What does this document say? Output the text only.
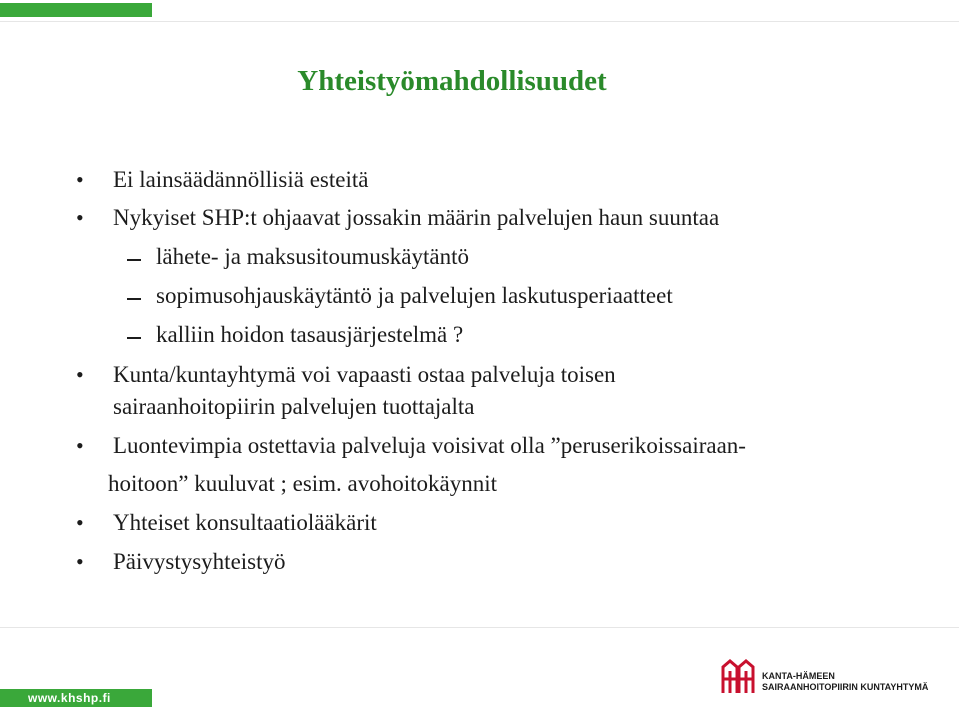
Yhteistyömahdollisuudet
• Ei lainsäädännöllisiä esteitä
• Nykyiset SHP:t ohjaavat jossakin määrin palvelujen haun suuntaa
lähete- ja maksusitoumuskäytäntö
sopimusohjauskäytäntö ja palvelujen laskutusperiaatteet
kalliin hoidon tasausjärjestelmä ?
• Kunta/kuntayhtymä voi vapaasti ostaa palveluja toisen
sairaanhoitopiirin palvelujen tuottajalta
• Luontevimpia ostettavia palveluja voisivat olla ”peruserikoissairaan-
hoitoon” kuuluvat ; esim. avohoitokäynnit
• Yhteiset konsultaatiolääkärit
• Päivystysyhteistyö
www.khshp.fi
KANTA-HÄMEEN
SAIRAANHOITOPIIRIN KUNTAYHTYMÄ
